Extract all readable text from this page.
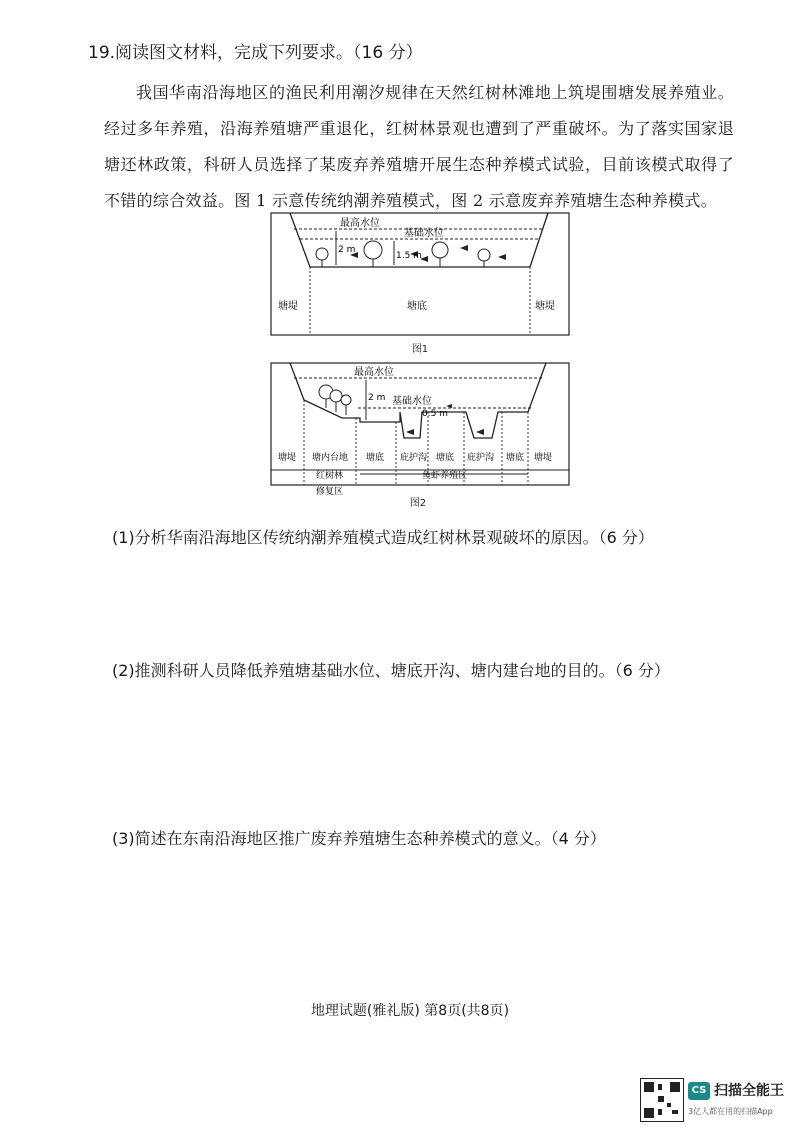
19.阅读图文材料，完成下列要求。（16 分）

我国华南沿海地区的渔民利用潮汐规律在天然红树林滩地上筑堤围塘发展养殖业。经过多年养殖，沿海养殖塘严重退化，红树林景观也遭到了严重破坏。为了落实国家退塘还林政策，科研人员选择了某废弃养殖塘开展生态种养模式试验，目前该模式取得了不错的综合效益。图 1 示意传统纳潮养殖模式，图 2 示意废弃养殖塘生态种养模式。

最高水位
基础水位
2 m
1.5 m
塘堤	塘底	塘堤
图1
最高水位
基础水位
2 m
0.5 m
塘堤 塘内台地 塘底 庇护沟 塘底 庇护沟 塘底 塘堤
红树林
修复区
鱼虾养殖区
图2
(1)分析华南沿海地区传统纳潮养殖模式造成红树林景观破坏的原因。（6 分）
(2)推测科研人员降低养殖塘基础水位、塘底开沟、塘内建台地的目的。（6 分）
(3)简述在东南沿海地区推广废弃养殖塘生态种养模式的意义。（4 分）
地理试题(雅礼版) 第8页(共8页)
CS 扫描全能王
3亿人都在用的扫描App
